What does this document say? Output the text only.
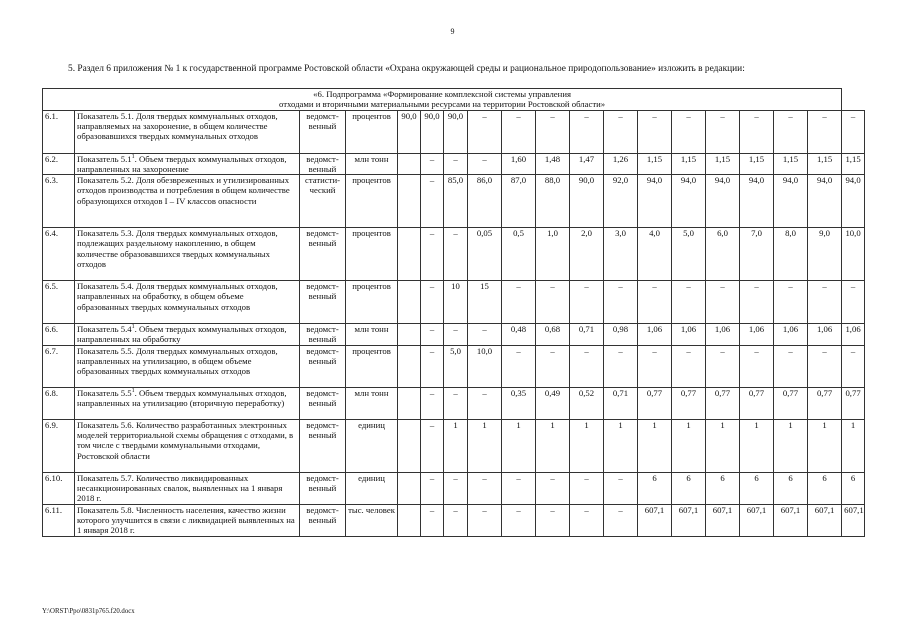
9
5. Раздел 6 приложения № 1 к государственной программе Ростовской области «Охрана окружающей среды и рациональное природопользование» изложить в редакции:
«6. Подпрограмма «Формирование комплексной системы управления
отходами и вторичными материальными ресурсами на территории Ростовской области»																		

6.1.	Показатель 5.1. Доля твердых коммунальных отходов, направляемых на захоронение, в общем количестве образовавшихся твердых коммунальных отходов	ведомст-венный	процентов	90,0	90,0	90,0	–	–	–	–	–	–	–	–	–	–	–	–
6.2.	Показатель $5.1^1$. Объем твердых коммунальных отходов, направленных на захоронение	ведомст-венный	млн тонн		–	–	–	1,60	1,48	1,47	1,26	1,15	1,15	1,15	1,15	1,15	1,15	1,15
6.3.	Показатель 5.2. Доля обезвреженных и утилизированных отходов производства и потребления в общем количестве образующихся отходов I – IV классов опасности	статисти-ческий	процентов		–	85,0	86,0	87,0	88,0	90,0	92,0	94,0	94,0	94,0	94,0	94,0	94,0	94,0
6.4.	Показатель 5.3. Доля твердых коммунальных отходов, подлежащих раздельному накоплению, в общем количестве образовавшихся твердых коммунальных отходов	ведомст-венный	процентов		–	–	0,05	0,5	1,0	2,0	3,0	4,0	5,0	6,0	7,0	8,0	9,0	10,0
6.5.	Показатель 5.4. Доля твердых коммунальных отходов, направленных на обработку, в общем объеме образованных твердых коммунальных отходов	ведомст-венный	процентов		–	10	15	–	–	–	–	–	–	–	–	–	–	–
6.6.	Показатель $5.4^1$. Объем твердых коммунальных отходов, направленных на обработку	ведомст-венный	млн тонн		–	–	–	0,48	0,68	0,71	0,98	1,06	1,06	1,06	1,06	1,06	1,06	1,06
6.7.	Показатель 5.5. Доля твердых коммунальных отходов, направленных на утилизацию, в общем объеме образованных твердых коммунальных отходов	ведомст-венный	процентов		–	5,0	10,0	–	–	–	–	–	–	–	–	–	–	–
6.8.	Показатель $5.5^1$. Объем твердых коммунальных отходов, направленных на утилизацию (вторичную переработку)	ведомст-венный	млн тонн		–	–	–	0,35	0,49	0,52	0,71	0,77	0,77	0,77	0,77	0,77	0,77	0,77
6.9.	Показатель 5.6. Количество разработанных электронных моделей территориальной схемы обращения с отходами, в том числе с твердыми коммунальными отходами, Ростовской области	ведомст-венный	единиц		–	1	1	1	1	1	1	1	1	1	1	1	1	1
6.10.	Показатель 5.7. Количество ликвидированных несанкционированных свалок, выявленных на 1 января 2018 г.	ведомст-венный	единиц		–	–	–	–	–	–	–	6	6	6	6	6	6	6
6.11.	Показатель 5.8. Численность населения, качество жизни которого улучшится в связи с ликвидацией выявленных на 1 января 2018 г.	ведомст-венный	тыс. человек		–	–	–	–	–	–	–	607,1	607,1	607,1	607,1	607,1	607,1	607,1
Y:\ORST\Ppo\0831p765.f20.docx
